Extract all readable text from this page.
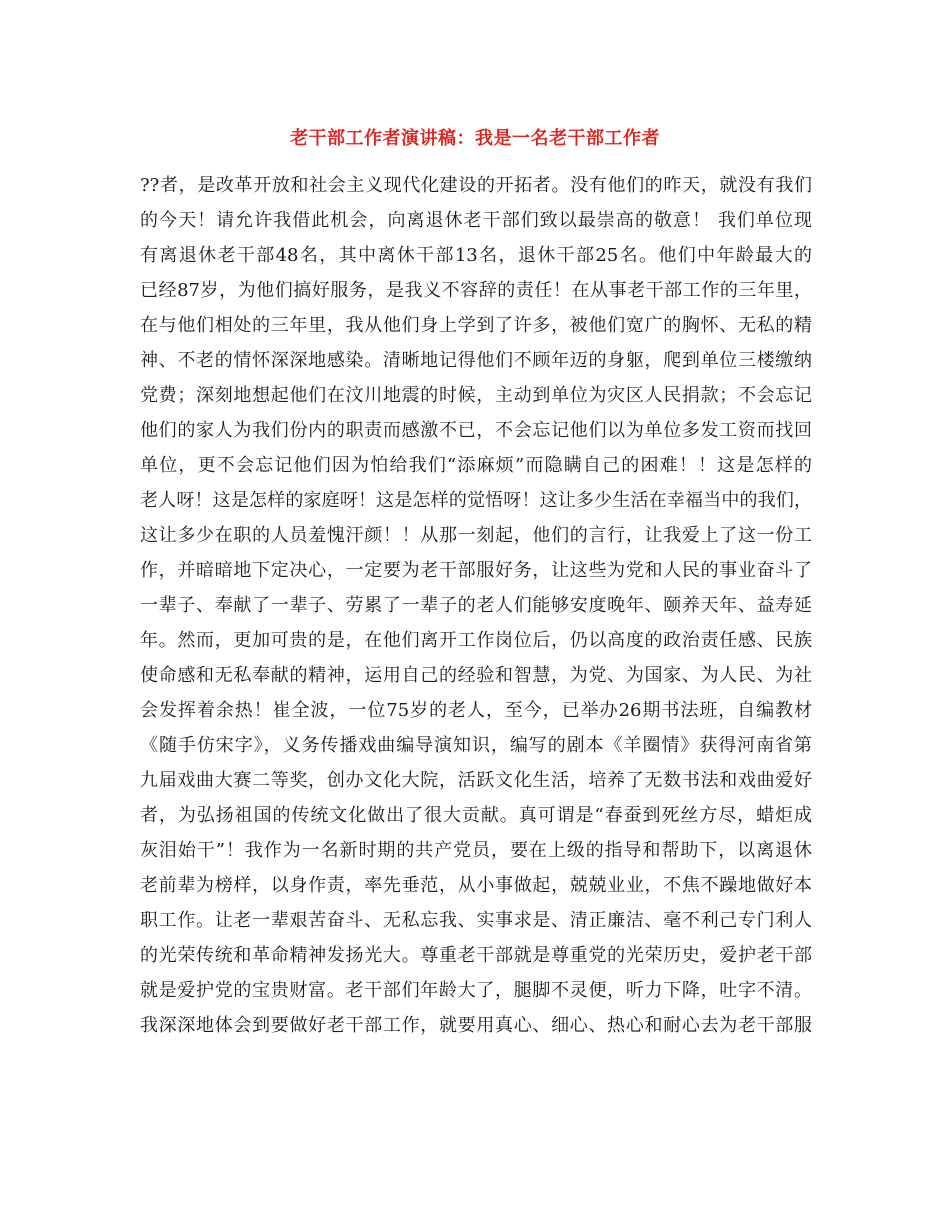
老干部工作者演讲稿：我是一名老干部工作者
??者，是改革开放和社会主义现代化建设的开拓者。没有他们的昨天，就没有我们
的今天！请允许我借此机会，向离退休老干部们致以最崇高的敬意！ 我们单位现
有离退休老干部48名，其中离休干部13名，退休干部25名。他们中年龄最大的
已经87岁，为他们搞好服务，是我义不容辞的责任！在从事老干部工作的三年里，
在与他们相处的三年里，我从他们身上学到了许多，被他们宽广的胸怀、无私的精
神、不老的情怀深深地感染。清晰地记得他们不顾年迈的身躯，爬到单位三楼缴纳
党费；深刻地想起他们在汶川地震的时候，主动到单位为灾区人民捐款；不会忘记
他们的家人为我们份内的职责而感激不已，不会忘记他们以为单位多发工资而找回
单位，更不会忘记他们因为怕给我们“添麻烦”而隐瞒自己的困难！！这是怎样的
老人呀！这是怎样的家庭呀！这是怎样的觉悟呀！这让多少生活在幸福当中的我们，
这让多少在职的人员羞愧汗颜！！从那一刻起，他们的言行，让我爱上了这一份工
作，并暗暗地下定决心，一定要为老干部服好务，让这些为党和人民的事业奋斗了
一辈子、奉献了一辈子、劳累了一辈子的老人们能够安度晚年、颐养天年、益寿延
年。然而，更加可贵的是，在他们离开工作岗位后，仍以高度的政治责任感、民族
使命感和无私奉献的精神，运用自己的经验和智慧，为党、为国家、为人民、为社
会发挥着余热！崔全波，一位75岁的老人，至今，已举办26期书法班，自编教材
《随手仿宋字》，义务传播戏曲编导演知识，编写的剧本《羊圈情》获得河南省第
九届戏曲大赛二等奖，创办文化大院，活跃文化生活，培养了无数书法和戏曲爱好
者，为弘扬祖国的传统文化做出了很大贡献。真可谓是“春蚕到死丝方尽，蜡炬成
灰泪始干”！我作为一名新时期的共产党员，要在上级的指导和帮助下，以离退休
老前辈为榜样，以身作责，率先垂范，从小事做起，兢兢业业，不焦不躁地做好本
职工作。让老一辈艰苦奋斗、无私忘我、实事求是、清正廉洁、毫不利己专门利人
的光荣传统和革命精神发扬光大。尊重老干部就是尊重党的光荣历史，爱护老干部
就是爱护党的宝贵财富。老干部们年龄大了，腿脚不灵便，听力下降，吐字不清。
我深深地体会到要做好老干部工作，就要用真心、细心、热心和耐心去为老干部服
